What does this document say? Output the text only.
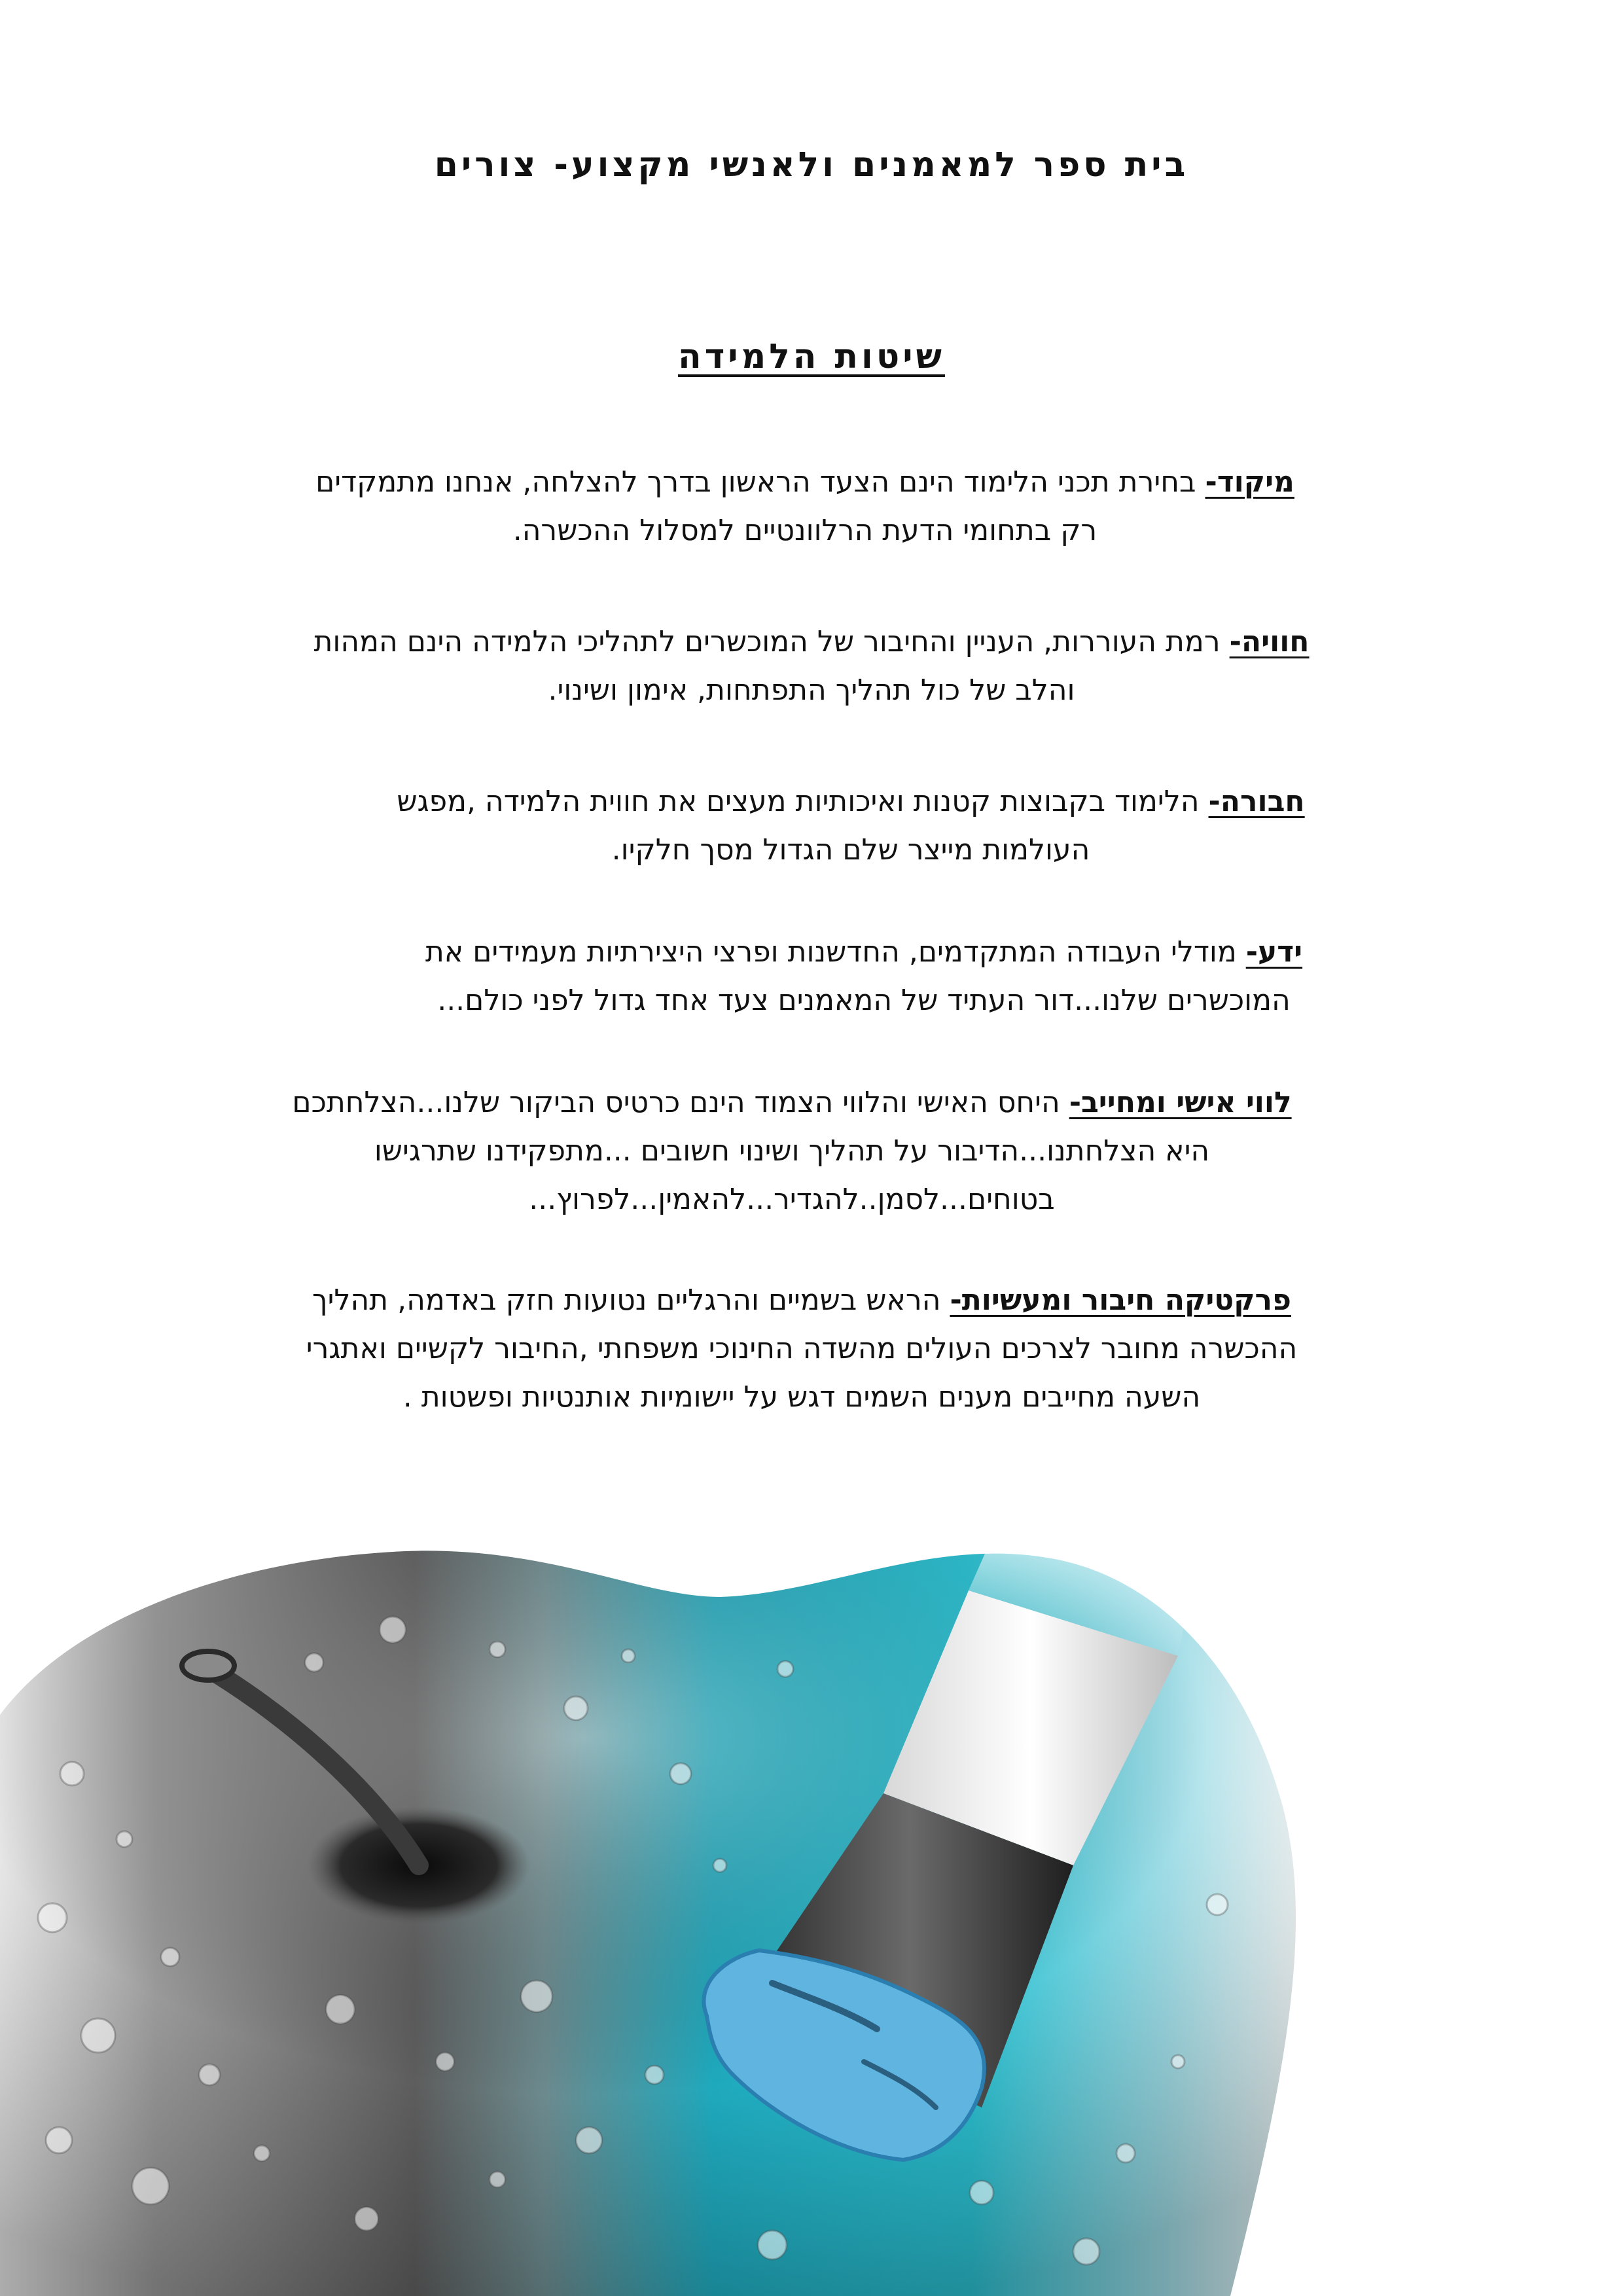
בית ספר למאמנים ולאנשי מקצוע- צורים
שיטות הלמידה
מיקוד- בחירת תכני הלימוד הינם הצעד הראשון בדרך להצלחה, אנחנו מתמקדים
רק בתחומי הדעת הרלוונטיים למסלול ההכשרה.
חוויה- רמת העוררות, העניין והחיבור של המוכשרים לתהליכי הלמידה הינם המהות
והלב של כול תהליך התפתחות, אימון ושינוי.
חבורה- הלימוד בקבוצות קטנות ואיכותיות מעצים את חווית הלמידה ,מפגש
העולמות מייצר שלם הגדול מסך חלקיו.
ידע- מודלי העבודה המתקדמים, החדשנות ופרצי היצירתיות מעמידים את
המוכשרים שלנו...דור העתיד של המאמנים צעד אחד גדול לפני כולם...
לווי אישי ומחייב- היחס האישי והלווי הצמוד הינם כרטיס הביקור שלנו...הצלחתכם
היא הצלחתנו...הדיבור על תהליך ושינוי חשובים ...מתפקידנו שתרגישו
בטוחים...לסמן..להגדיר...להאמין...לפרוץ...
פרקטיקה חיבור ומעשיות- הראש בשמיים והרגליים נטועות חזק באדמה, תהליך
ההכשרה מחובר לצרכים העולים מהשדה החינוכי משפחתי ,החיבור לקשיים ואתגרי
השעה מחייבים מענים השמים דגש על יישומיות אותנטיות ופשטות .
